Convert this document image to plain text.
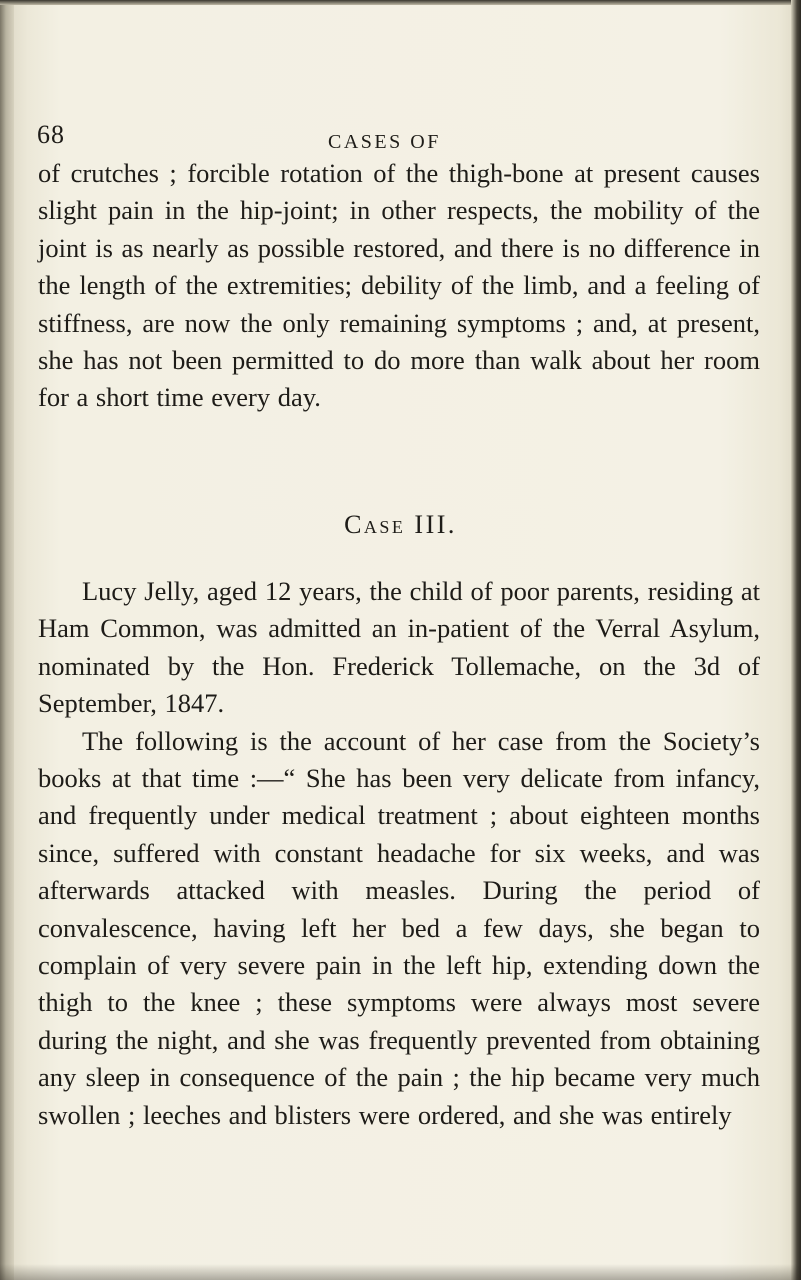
68	CASES OF

of crutches ; forcible rotation of the thigh-bone at present causes slight pain in the hip-joint; in other respects, the mobility of the joint is as nearly as possible restored, and there is no difference in the length of the extremities; debility of the limb, and a feeling of stiffness, are now the only remaining symptoms ; and, at present, she has not been permitted to do more than walk about her room for a short time every day.

Case III.
Lucy Jelly, aged 12 years, the child of poor parents, residing at Ham Common, was admitted an in-patient of the Verral Asylum, nominated by the Hon. Frederick Tollemache, on the 3d of September, 1847.
The following is the account of her case from the Society’s books at that time :—“ She has been very delicate from infancy, and frequently under medical treatment ; about eighteen months since, suffered with constant headache for six weeks, and was afterwards attacked with measles. During the period of convalescence, having left her bed a few days, she began to complain of very severe pain in the left hip, extending down the thigh to the knee ; these symptoms were always most severe during the night, and she was frequently prevented from obtaining any sleep in consequence of the pain ; the hip became very much swollen ; leeches and blisters were ordered, and she was entirely
